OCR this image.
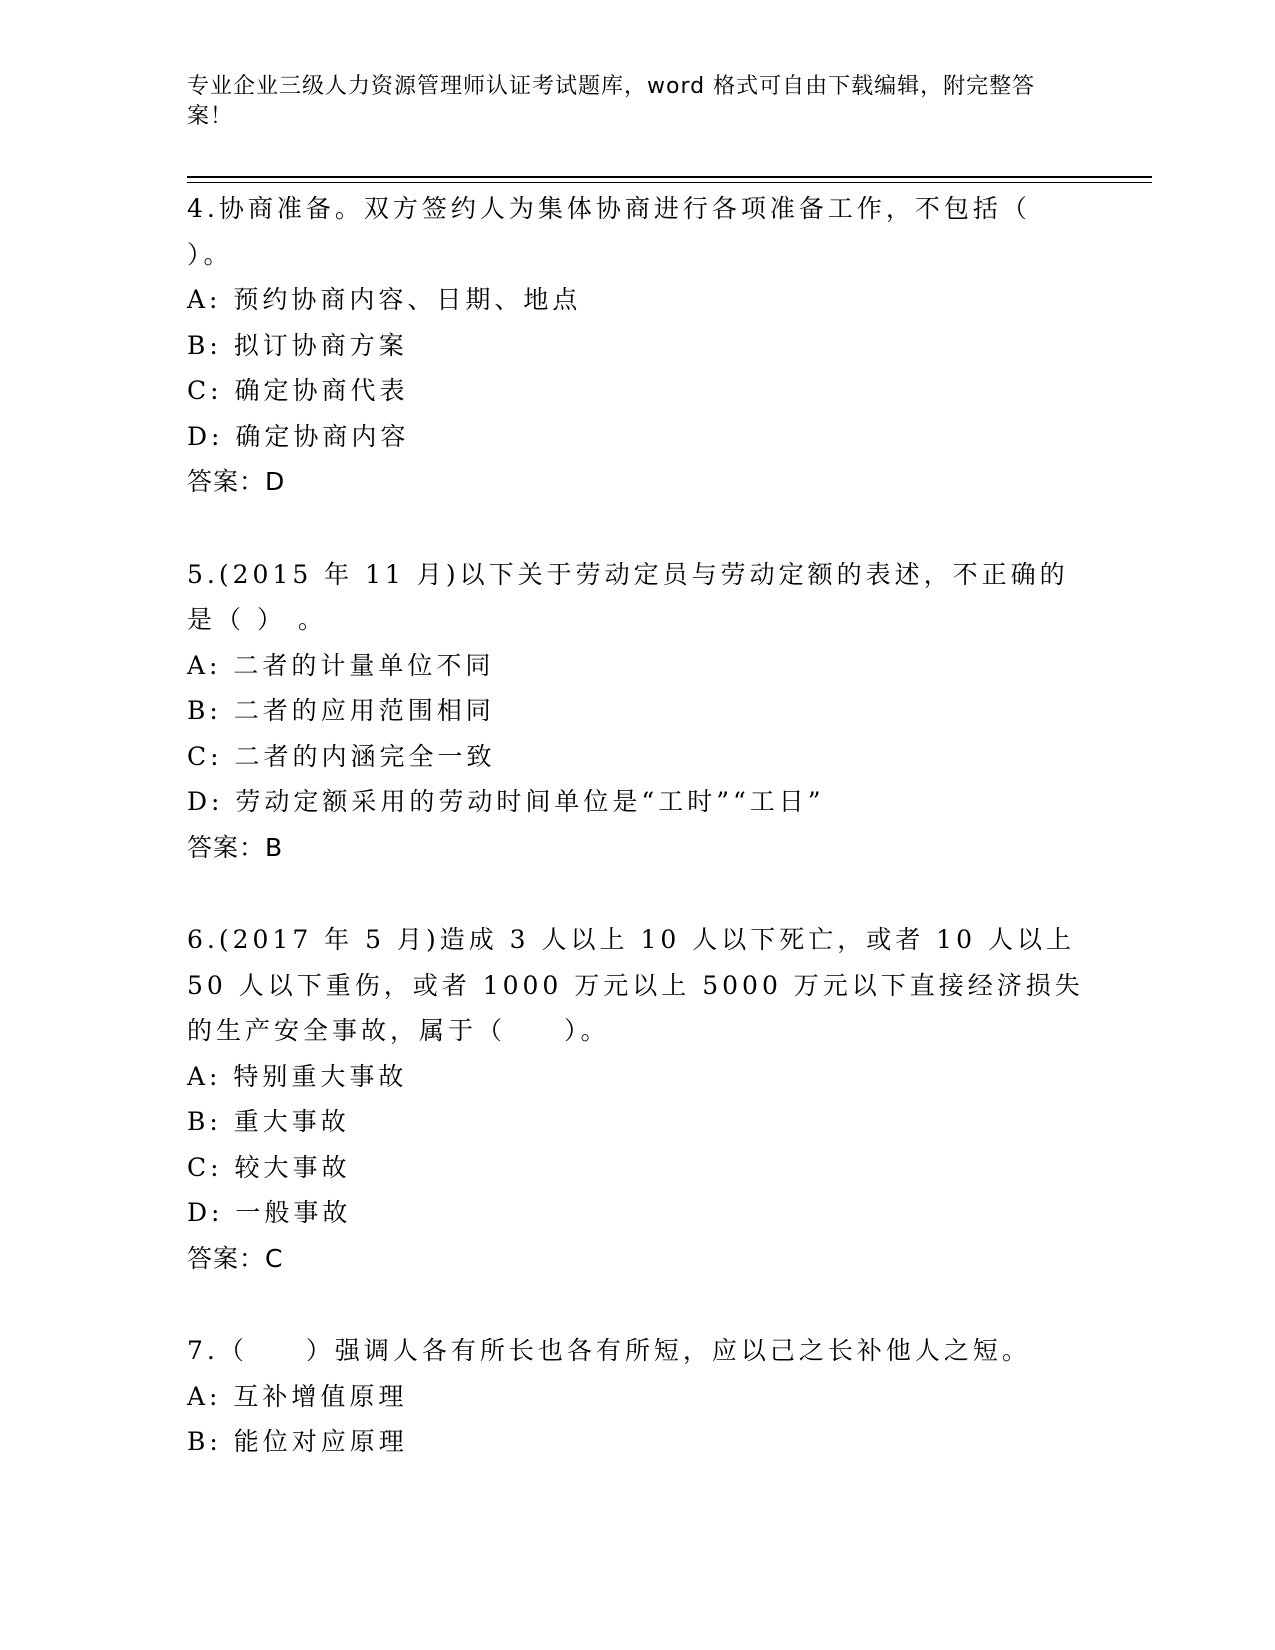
专业企业三级人力资源管理师认证考试题库，word 格式可自由下载编辑，附完整答案！

4.协商准备。双方签约人为集体协商进行各项准备工作，不包括（ ）。

A: 预约协商内容、日期、地点

B: 拟订协商方案

C: 确定协商代表

D: 确定协商内容

答案：D

5.(2015 年 11 月)以下关于劳动定员与劳动定额的表述，不正确的是（ ） 。

A: 二者的计量单位不同

B: 二者的应用范围相同

C: 二者的内涵完全一致

D: 劳动定额采用的劳动时间单位是“工时”“工日”

答案：B

6.(2017 年 5 月)造成 3 人以上 10 人以下死亡，或者 10 人以上 50 人以下重伤，或者 1000 万元以上 5000 万元以下直接经济损失的生产安全事故，属于（　　）。

A: 特别重大事故

B: 重大事故

C: 较大事故

D: 一般事故

答案：C

7.（　　）强调人各有所长也各有所短，应以己之长补他人之短。

A: 互补增值原理

B: 能位对应原理
